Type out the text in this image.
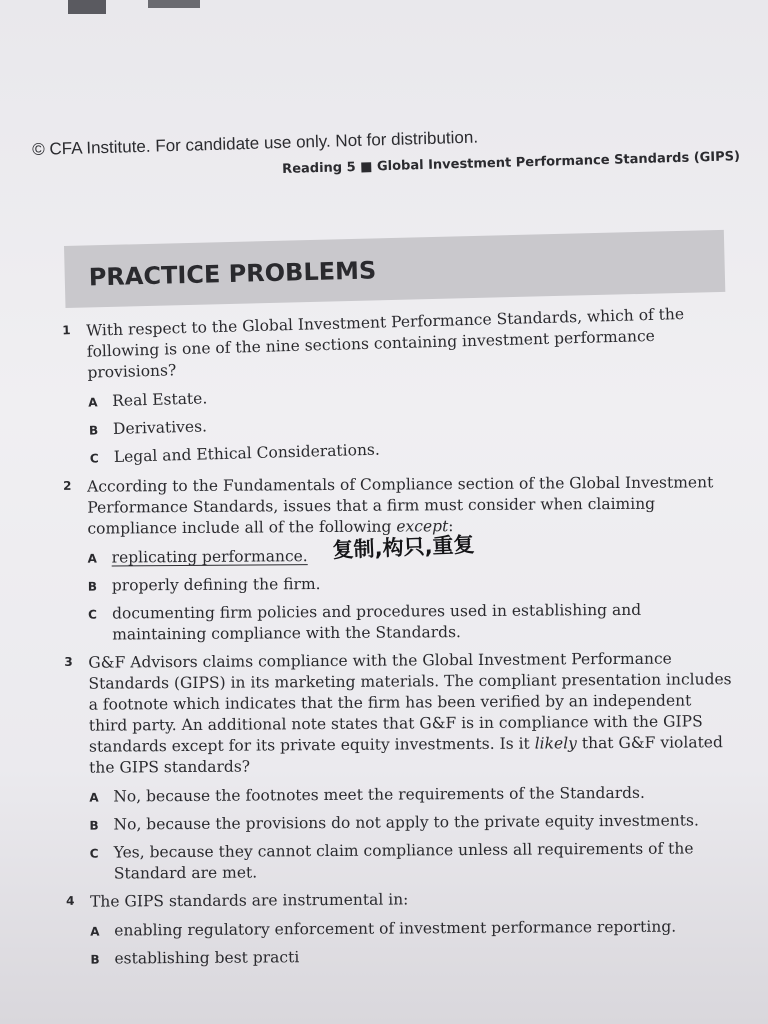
© CFA Institute. For candidate use only. Not for distribution.
Reading 5 ■ Global Investment Performance Standards (GIPS)
PRACTICE PROBLEMS
1 With respect to the Global Investment Performance Standards, which of the following is one of the nine sections containing investment performance provisions?

A Real Estate.
B Derivatives.
C Legal and Ethical Considerations.
2 According to the Fundamentals of Compliance section of the Global Investment Performance Standards, issues that a firm must consider when claiming compliance include all of the following except:

A replicating performance. 复制,构只,重复
B properly defining the firm.
C documenting firm policies and procedures used in establishing and maintaining compliance with the Standards.
3 G&F Advisors claims compliance with the Global Investment Performance Standards (GIPS) in its marketing materials. The compliant presentation includes a footnote which indicates that the firm has been verified by an independent third party. An additional note states that G&F is in compliance with the GIPS standards except for its private equity investments. Is it likely that G&F violated the GIPS standards?

A No, because the footnotes meet the requirements of the Standards.
B No, because the provisions do not apply to the private equity investments.
C Yes, because they cannot claim compliance unless all requirements of the Standard are met.
4 The GIPS standards are instrumental in:

A enabling regulatory enforcement of investment performance reporting.
B establishing best practi
